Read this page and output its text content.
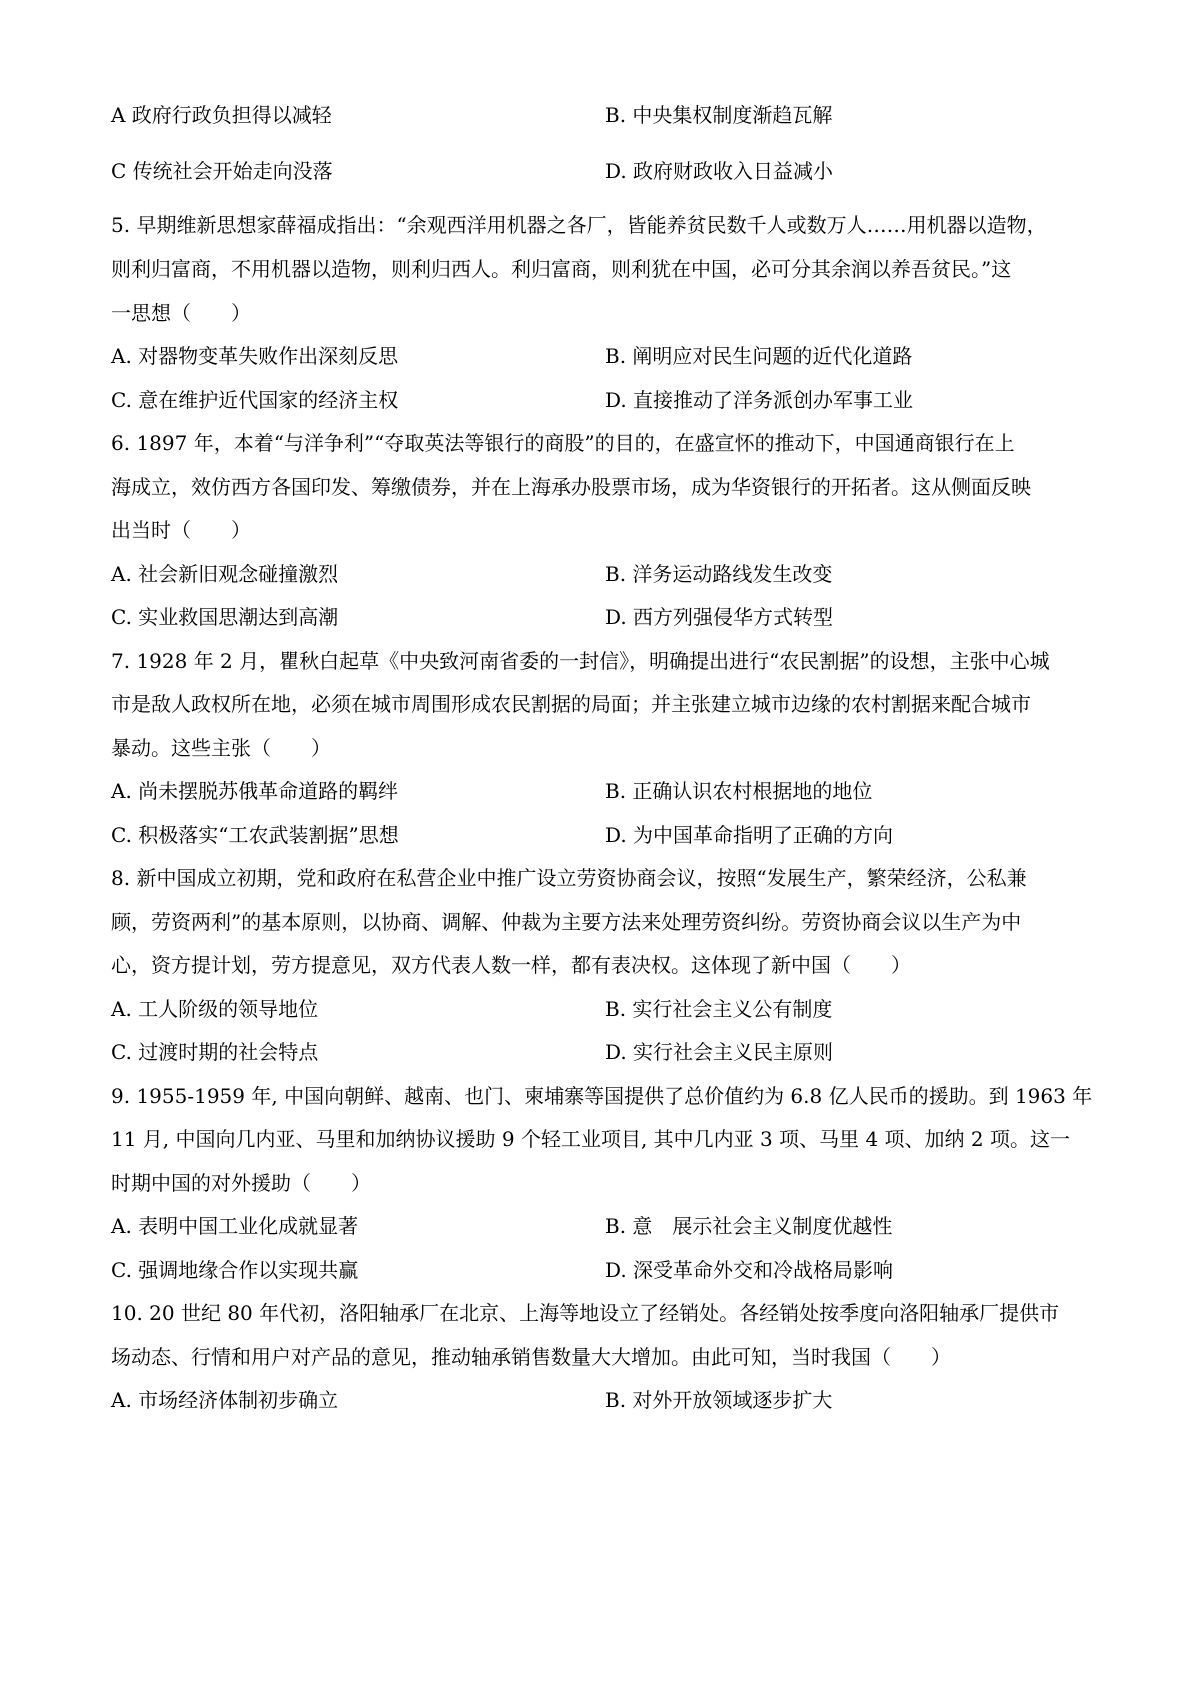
A 政府行政负担得以减轻	B. 中央集权制度渐趋瓦解
C 传统社会开始走向没落	D. 政府财政收入日益减小
5. 早期维新思想家薛福成指出：“余观西洋用机器之各厂，皆能养贫民数千人或数万人……用机器以造物，
则利归富商，不用机器以造物，则利归西人。利归富商，则利犹在中国，必可分其余润以养吾贫民。”这
一思想（　　）
A. 对器物变革失败作出深刻反思	B. 阐明应对民生问题的近代化道路
C. 意在维护近代国家的经济主权	D. 直接推动了洋务派创办军事工业
6. 1897 年，本着“与洋争利”“夺取英法等银行的商股”的目的，在盛宣怀的推动下，中国通商银行在上
海成立，效仿西方各国印发、筹缴债券，并在上海承办股票市场，成为华资银行的开拓者。这从侧面反映
出当时（　　）
A. 社会新旧观念碰撞激烈	B. 洋务运动路线发生改变
C. 实业救国思潮达到高潮	D. 西方列强侵华方式转型
7. 1928 年 2 月，瞿秋白起草《中央致河南省委的一封信》，明确提出进行“农民割据”的设想，主张中心城
市是敌人政权所在地，必须在城市周围形成农民割据的局面；并主张建立城市边缘的农村割据来配合城市
暴动。这些主张（　　）
A. 尚未摆脱苏俄革命道路的羁绊	B. 正确认识农村根据地的地位
C. 积极落实“工农武装割据”思想	D. 为中国革命指明了正确的方向
8. 新中国成立初期，党和政府在私营企业中推广设立劳资协商会议，按照“发展生产，繁荣经济，公私兼
顾，劳资两利”的基本原则，以协商、调解、仲裁为主要方法来处理劳资纠纷。劳资协商会议以生产为中
心，资方提计划，劳方提意见，双方代表人数一样，都有表决权。这体现了新中国（　　）
A. 工人阶级的领导地位	B. 实行社会主义公有制度
C. 过渡时期的社会特点	D. 实行社会主义民主原则
9. 1955-1959 年, 中国向朝鲜、越南、也门、柬埔寨等国提供了总价值约为 6.8 亿人民币的援助。到 1963 年
11 月, 中国向几内亚、马里和加纳协议援助 9 个轻工业项目, 其中几内亚 3 项、马里 4 项、加纳 2 项。这一
时期中国的对外援助（　　）
A. 表明中国工业化成就显著	B. 意　展示社会主义制度优越性
C. 强调地缘合作以实现共赢	D. 深受革命外交和冷战格局影响
10. 20 世纪 80 年代初，洛阳轴承厂在北京、上海等地设立了经销处。各经销处按季度向洛阳轴承厂提供市
场动态、行情和用户对产品的意见，推动轴承销售数量大大增加。由此可知，当时我国（　　）
A. 市场经济体制初步确立	B. 对外开放领域逐步扩大
